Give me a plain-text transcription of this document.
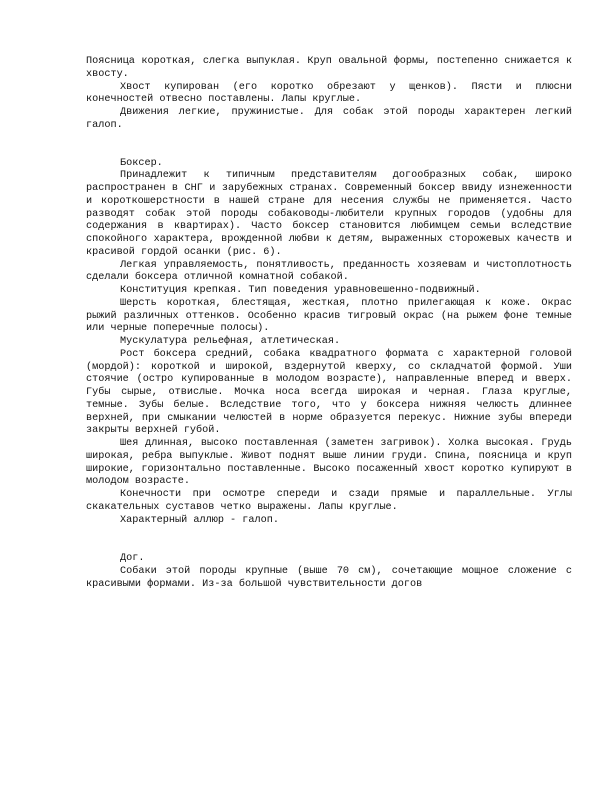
Поясница короткая, слегка выпуклая. Круп овальной формы, постепенно снижается к хвосту.

Хвост купирован (его коротко обрезают у щенков). Пясти и плюсни конечностей отвесно поставлены. Лапы круглые.

Движения легкие, пружинистые. Для собак этой породы характерен легкий галоп.

Боксер.

Принадлежит к типичным представителям догообразных собак, широко распространен в СНГ и зарубежных странах. Современный боксер ввиду изнеженности и короткошерстности в нашей стране для несения службы не применяется. Часто разводят собак этой породы собаководы-любители крупных городов (удобны для содержания в квартирах). Часто боксер становится любимцем семьи вследствие спокойного характера, врожденной любви к детям, выраженных сторожевых качеств и красивой гордой осанки (рис. 6).

Легкая управляемость, понятливость, преданность хозяевам и чистоплотность сделали боксера отличной комнатной собакой.

Конституция крепкая. Тип поведения уравновешенно-подвижный.

Шерсть короткая, блестящая, жесткая, плотно прилегающая к коже. Окрас рыжий различных оттенков. Особенно красив тигровый окрас (на рыжем фоне темные или черные поперечные полосы).

Мускулатура рельефная, атлетическая.

Рост боксера средний, собака квадратного формата с характерной головой (мордой): короткой и широкой, вздернутой кверху, со складчатой формой. Уши стоячие (остро купированные в молодом возрасте), направленные вперед и вверх. Губы сырые, отвислые. Мочка носа всегда широкая и черная. Глаза круглые, темные. Зубы белые. Вследствие того, что у боксера нижняя челюсть длиннее верхней, при смыкании челюстей в норме образуется перекус. Нижние зубы впереди закрыты верхней губой.

Шея длинная, высоко поставленная (заметен загривок). Холка высокая. Грудь широкая, ребра выпуклые. Живот поднят выше линии груди. Спина, поясница и круп широкие, горизонтально поставленные. Высоко посаженный хвост коротко купируют в молодом возрасте.

Конечности при осмотре спереди и сзади прямые и параллельные. Углы скакательных суставов четко выражены. Лапы круглые.

Характерный аллюр - галоп.

Дог.

Собаки этой породы крупные (выше 70 см), сочетающие мощное сложение с красивыми формами. Из-за большой чувствительности догов
